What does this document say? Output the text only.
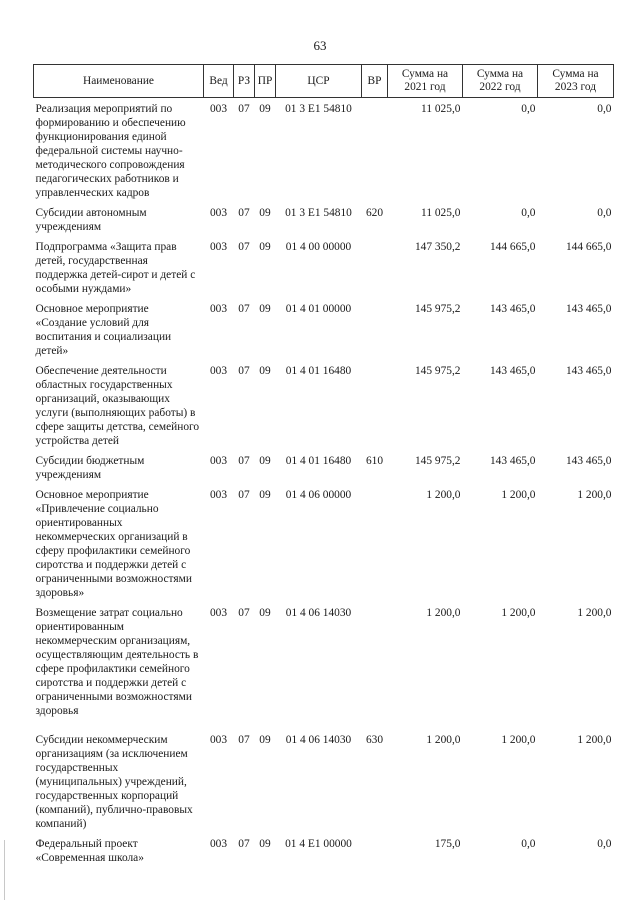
63
Наименование	Вед	РЗ	ПР	ЦСР	ВР	Сумма на 2021 год	Сумма на 2022 год	Сумма на 2023 год
Реализация мероприятий по формированию и обеспечению функционирования единой федеральной системы научно-методического сопровождения педагогических работников и управленческих кадров	003	07	09	01 3 E1 54810		11 025,0	0,0	0,0
Субсидии автономным учреждениям	003	07	09	01 3 E1 54810	620	11 025,0	0,0	0,0
Подпрограмма «Защита прав детей, государственная поддержка детей-сирот и детей с особыми нуждами»	003	07	09	01 4 00 00000		147 350,2	144 665,0	144 665,0
Основное мероприятие «Создание условий для воспитания и социализации детей»	003	07	09	01 4 01 00000		145 975,2	143 465,0	143 465,0
Обеспечение деятельности областных государственных организаций, оказывающих услуги (выполняющих работы) в сфере защиты детства, семейного устройства детей	003	07	09	01 4 01 16480		145 975,2	143 465,0	143 465,0
Субсидии бюджетным учреждениям	003	07	09	01 4 01 16480	610	145 975,2	143 465,0	143 465,0
Основное мероприятие «Привлечение социально ориентированных некоммерческих организаций в сферу профилактики семейного сиротства и поддержки детей с ограниченными возможностями здоровья»	003	07	09	01 4 06 00000		1 200,0	1 200,0	1 200,0
Возмещение затрат социально ориентированным некоммерческим организациям, осуществляющим деятельность в сфере профилактики семейного сиротства и поддержки детей с ограниченными возможностями здоровья	003	07	09	01 4 06 14030		1 200,0	1 200,0	1 200,0
Субсидии некоммерческим организациям (за исключением государственных (муниципальных) учреждений, государственных корпораций (компаний), публично-правовых компаний)	003	07	09	01 4 06 14030	630	1 200,0	1 200,0	1 200,0
Федеральный проект «Современная школа»	003	07	09	01 4 E1 00000		175,0	0,0	0,0
